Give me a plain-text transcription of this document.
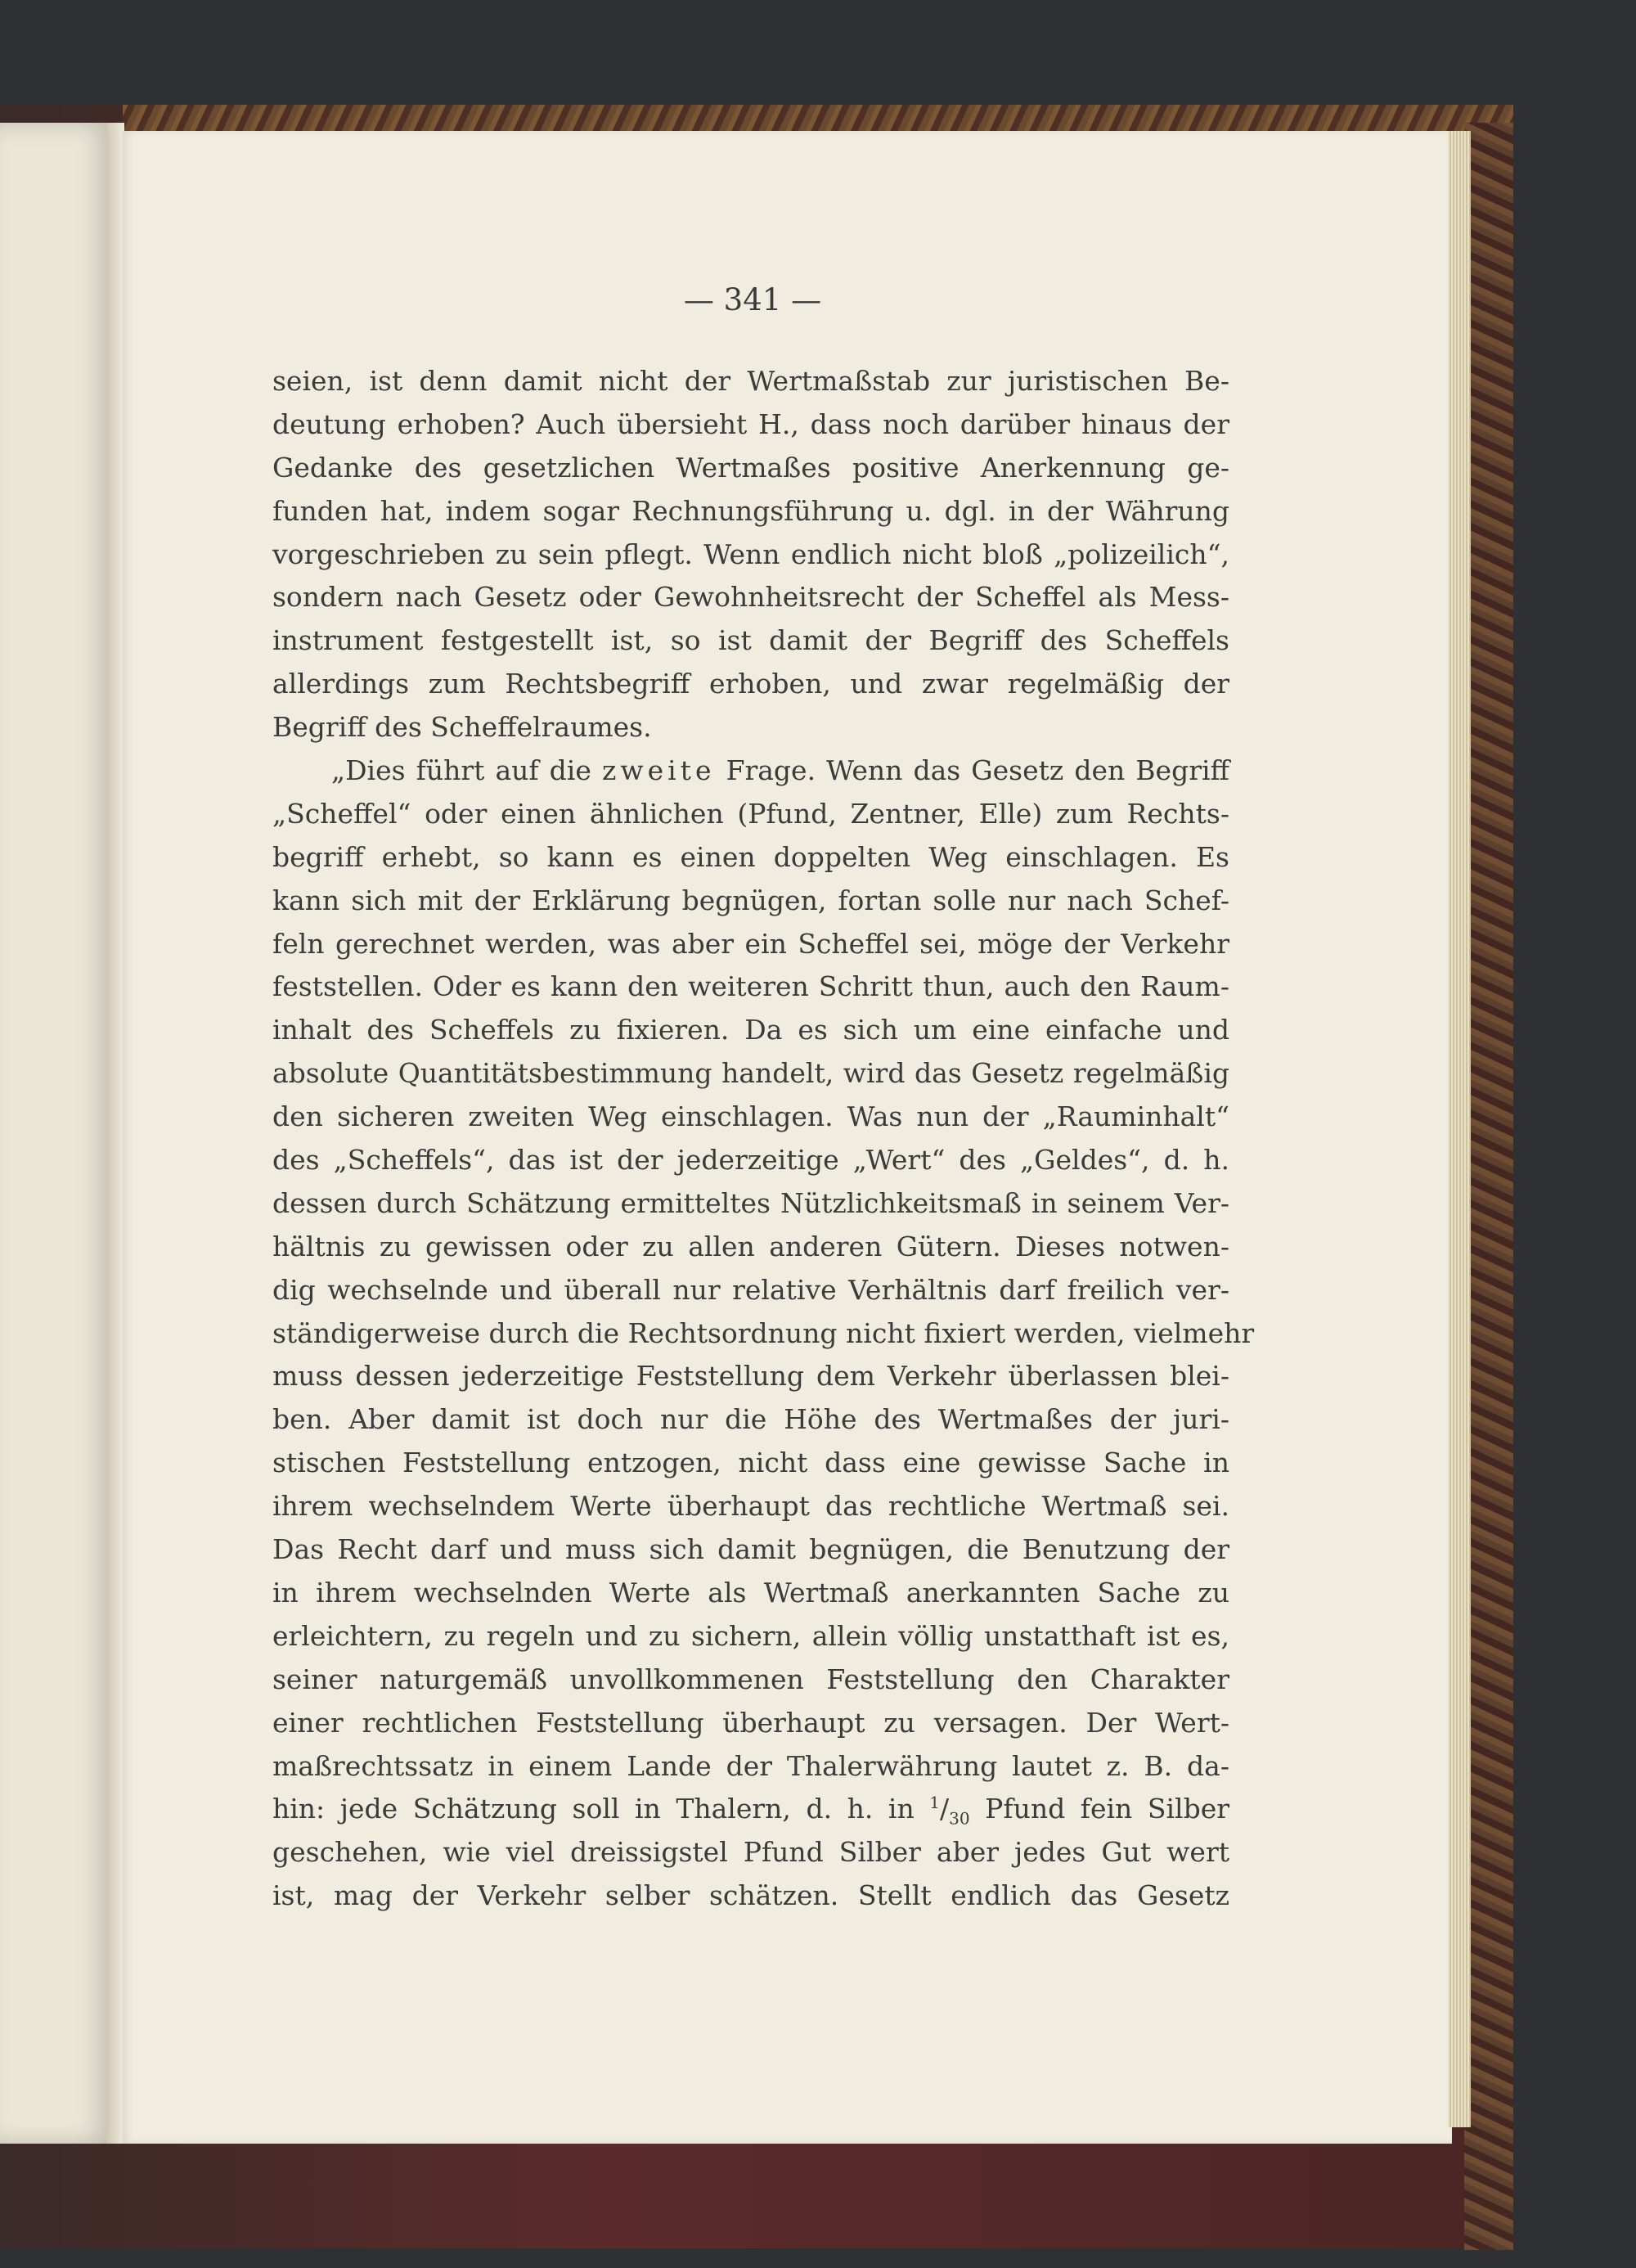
— 341 —
seien, ist denn damit nicht der Wertmaßstab zur juristischen Be-
deutung erhoben? Auch übersieht H., dass noch darüber hinaus der
Gedanke des gesetzlichen Wertmaßes positive Anerkennung ge-
funden hat, indem sogar Rechnungsführung u. dgl. in der Währung
vorgeschrieben zu sein pflegt. Wenn endlich nicht bloß „polizeilich“,
sondern nach Gesetz oder Gewohnheitsrecht der Scheffel als Mess-
instrument festgestellt ist, so ist damit der Begriff des Scheffels
allerdings zum Rechtsbegriff erhoben, und zwar regelmäßig der
Begriff des Scheffelraumes.
„Dies führt auf die zweite Frage. Wenn das Gesetz den Begriff
„Scheffel“ oder einen ähnlichen (Pfund, Zentner, Elle) zum Rechts-
begriff erhebt, so kann es einen doppelten Weg einschlagen. Es
kann sich mit der Erklärung begnügen, fortan solle nur nach Schef-
feln gerechnet werden, was aber ein Scheffel sei, möge der Verkehr
feststellen. Oder es kann den weiteren Schritt thun, auch den Raum-
inhalt des Scheffels zu fixieren. Da es sich um eine einfache und
absolute Quantitätsbestimmung handelt, wird das Gesetz regelmäßig
den sicheren zweiten Weg einschlagen. Was nun der „Rauminhalt“
des „Scheffels“, das ist der jederzeitige „Wert“ des „Geldes“, d. h.
dessen durch Schätzung ermitteltes Nützlichkeitsmaß in seinem Ver-
hältnis zu gewissen oder zu allen anderen Gütern. Dieses notwen-
dig wechselnde und überall nur relative Verhältnis darf freilich ver-
ständigerweise durch die Rechtsordnung nicht fixiert werden, vielmehr
muss dessen jederzeitige Feststellung dem Verkehr überlassen blei-
ben. Aber damit ist doch nur die Höhe des Wertmaßes der juri-
stischen Feststellung entzogen, nicht dass eine gewisse Sache in
ihrem wechselndem Werte überhaupt das rechtliche Wertmaß sei.
Das Recht darf und muss sich damit begnügen, die Benutzung der
in ihrem wechselnden Werte als Wertmaß anerkannten Sache zu
erleichtern, zu regeln und zu sichern, allein völlig unstatthaft ist es,
seiner naturgemäß unvollkommenen Feststellung den Charakter
einer rechtlichen Feststellung überhaupt zu versagen. Der Wert-
maßrechtssatz in einem Lande der Thalerwährung lautet z. B. da-
hin: jede Schätzung soll in Thalern, d. h. in $^1/_{30}$ Pfund fein Silber
geschehen, wie viel dreissigstel Pfund Silber aber jedes Gut wert
ist, mag der Verkehr selber schätzen. Stellt endlich das Gesetz
